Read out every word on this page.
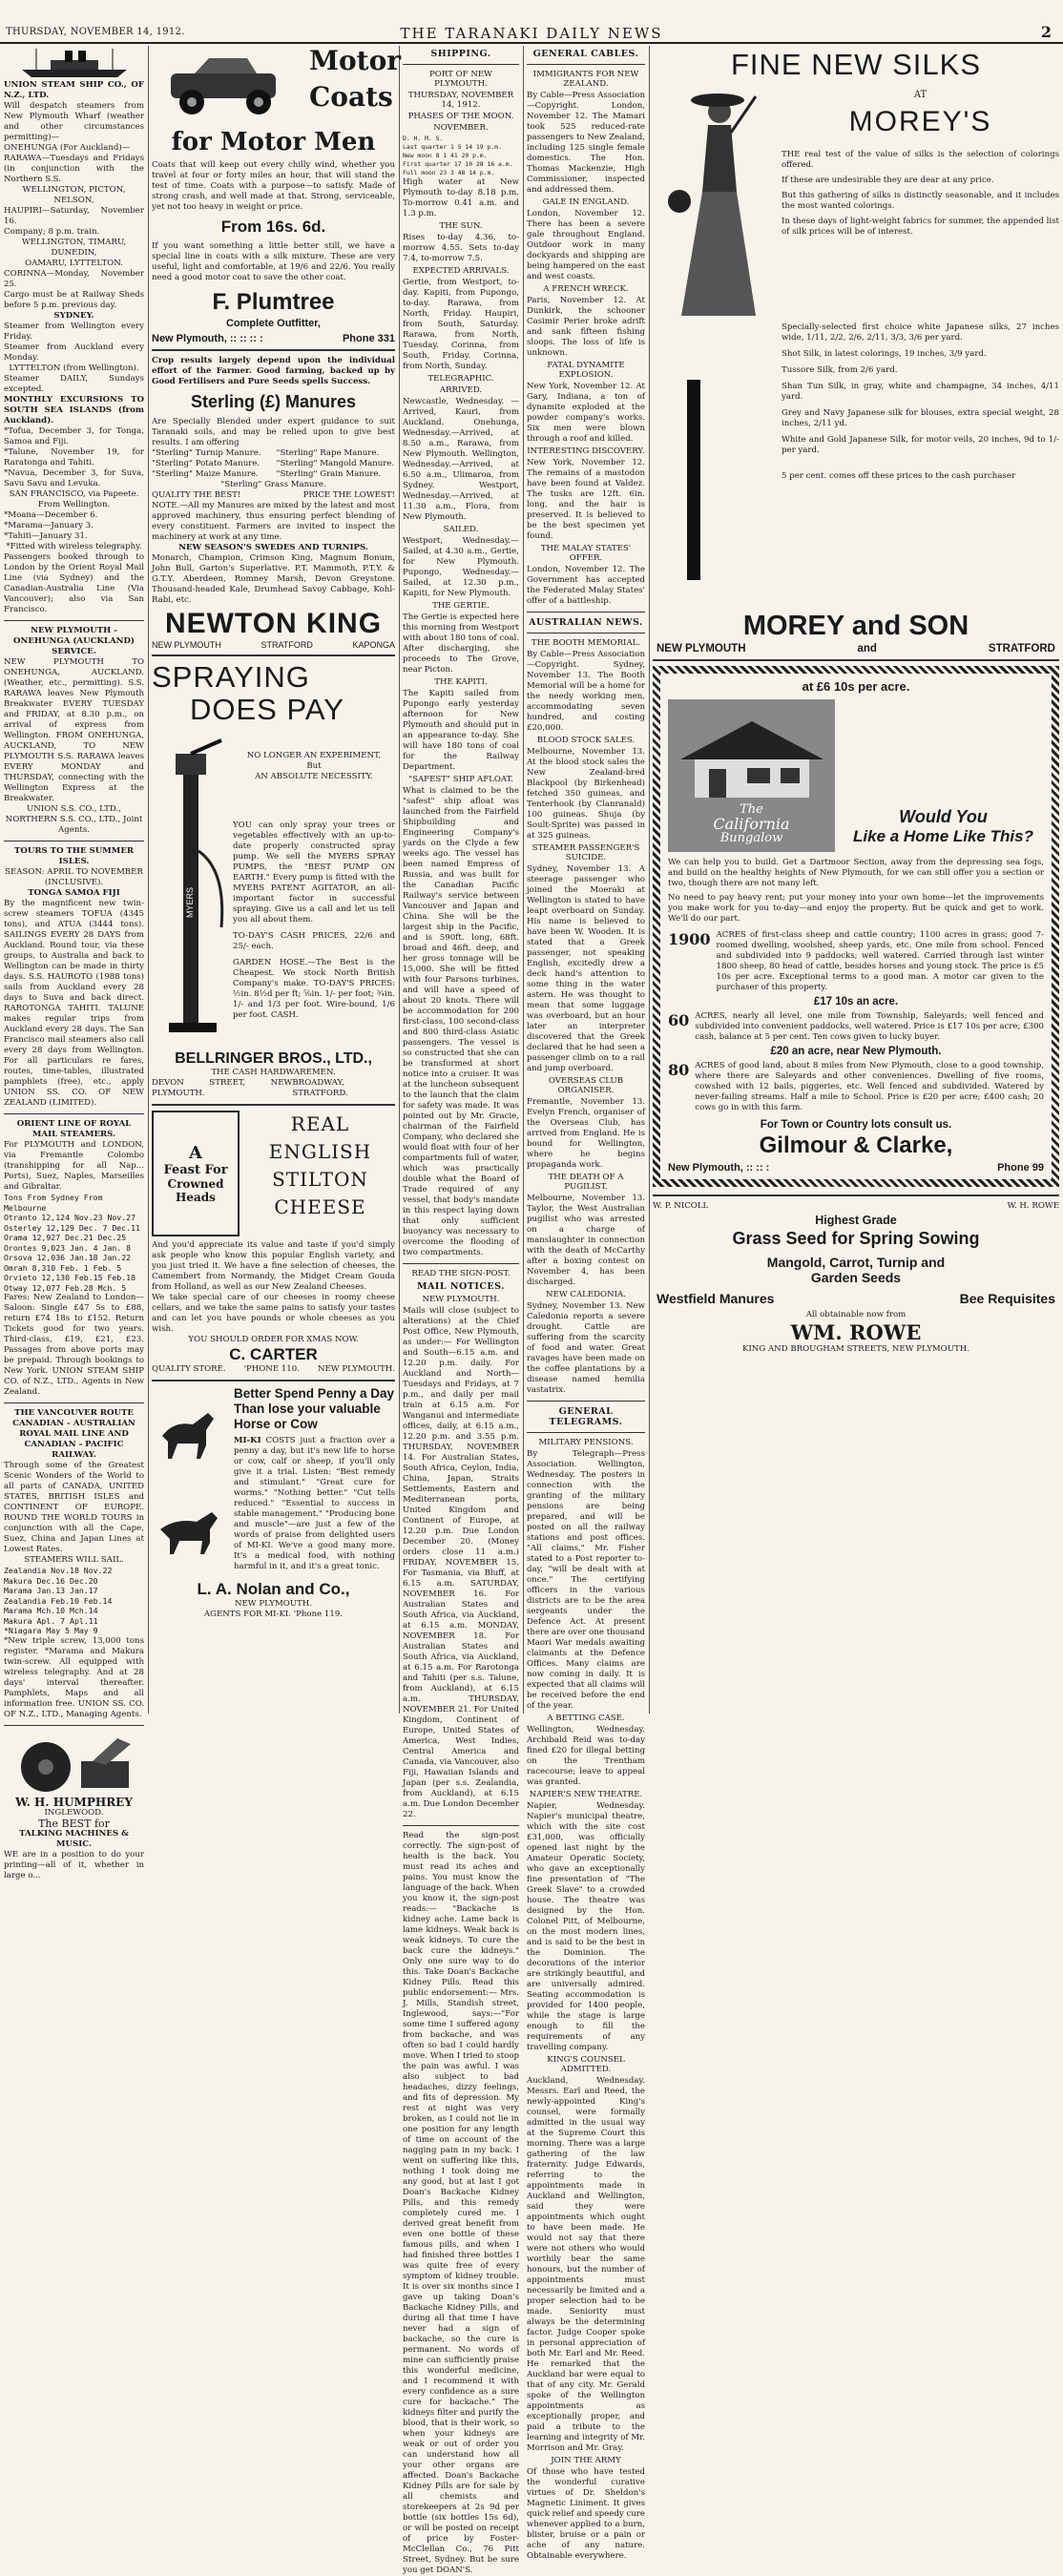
THURSDAY, NOVEMBER 14, 1912.	THE TARANAKI DAILY NEWS	2

UNION STEAM SHIP CO., OF N.Z., LTD.

Will despatch steamers from New Plymouth Wharf (weather and other circumstances permitting)—

ONEHUNGA (For Auckland)—

RARAWA—Tuesdays and Fridays (in conjunction with the Northern S.S.

WELLINGTON, PICTON, NELSON,

HAUPIRI—Saturday, November 16.

Company; 8 p.m. train.

WELLINGTON, TIMARU, DUNEDIN,

OAMARU, LYTTELTON.

CORINNA—Monday, November 25.

Cargo must be at Railway Sheds before 5 p.m. previous day.

SYDNEY.

Steamer from Wellington every Friday.

Steamer from Auckland every Monday.

LYTTELTON (from Wellington).

Steamer DAILY, Sundays excepted.

MONTHLY EXCURSIONS TO SOUTH SEA ISLANDS (from Auckland).

*Tofua, December 3, for Tonga, Samoa and Fiji.

*Talune, November 19, for Raratonga and Tahiti.

*Navua, December 3, for Suva, Savu Savu and Levuka.

SAN FRANCISCO, via Papeete.

From Wellington.

*Moana—December 6.

*Marama—January 3.

*Tahiti—January 31.

*Fitted with wireless telegraphy.

Passengers booked through to London by the Orient Royal Mail Line (via Sydney) and the Canadian-Australia Line (Via Vancouver); also via San Francisco.

NEW PLYMOUTH - ONEHUNGA (AUCKLAND) SERVICE.

NEW PLYMOUTH TO ONEHUNGA, AUCKLAND. (Weather, etc., permitting). S.S. RARAWA leaves New Plymouth Breakwater EVERY TUESDAY and FRIDAY, at 8.30 p.m., on arrival of express from Wellington. FROM ONEHUNGA, AUCKLAND, TO NEW PLYMOUTH S.S. RARAWA leaves EVERY MONDAY and THURSDAY, connecting with the Wellington Express at the Breakwater.

UNION S.S. CO., LTD., NORTHERN S.S. CO., LTD., Joint Agents.

TOURS TO THE SUMMER ISLES.

SEASON: APRIL TO NOVEMBER (INCLUSIVE).

TONGA SAMOA FIJI

By the magnificent new twin-screw steamers TOFUA (4345 tons), and ATUA (3444 tons). SAILINGS EVERY 28 DAYS from Auckland. Round tour, via these groups, to Australia and back to Wellington can be made in thirty days. S.S. HAUROTO (1988 tons) sails from Auckland every 28 days to Suva and back direct. RAROTONGA TAHITI. TALUNE makes regular trips from Auckland every 28 days. The San Francisco mail steamers also call every 28 days from Wellington. For all particulars re fares, routes, time-tables, illustrated pamphlets (free), etc., apply UNION SS. CO. OF NEW ZEALAND (LIMITED).

ORIENT LINE OF ROYAL MAIL STEAMERS.

For PLYMOUTH and LONDON, via Fremantle Colombo (transhipping for all Nap... Ports), Suez, Naples, Marseilles and Gibraltar.

Tons From Sydney From Melbourne
Otranto 12,124 Nov.23 Nov.27
Osterley 12,129 Dec. 7 Dec.11
Orama 12,927 Dec.21 Dec.25
Orontes 9,023 Jan. 4 Jan. 8
Orsova 12,036 Jan.18 Jan.22
Omrah 8,310 Feb. 1 Feb. 5
Orvieto 12,130 Feb.15 Feb.18
Otway 12,077 Feb.28 Mch. 5

Fares: New Zealand to London—Saloon: Single £47 5s to £88, return £74 18s to £152. Return Tickets good for two years. Third-class, £19, £21, £23. Passages from above ports may be prepaid. Through bookings to New York. UNION STEAM SHIP CO. of N.Z., LTD., Agents in New Zealand.

THE VANCOUVER ROUTE CANADIAN - AUSTRALIAN ROYAL MAIL LINE AND CANADIAN - PACIFIC RAILWAY.

Through some of the Greatest Scenic Wonders of the World to all parts of CANADA, UNITED STATES, BRITISH ISLES and CONTINENT OF EUROPE. ROUND THE WORLD TOURS in conjunction with all the Cape, Suez, China and Japan Lines at Lowest Rates.

STEAMERS WILL SAIL.

Zealandia Nov.18 Nov.22
Makura Dec.16 Dec.20
Marama Jan.13 Jan.17
Zealandia Feb.10 Feb.14
Marama Mch.10 Mch.14
Makura Apl. 7 Apl.11
*Niagara May 5 May 9

*New triple screw, 13,000 tons register. *Marama and Makura twin-screw. All equipped with wireless telegraphy. And at 28 days' interval thereafter. Pamphlets, Maps and all information free. UNION SS. CO. OF N.Z., LTD., Managing Agents.

W. H. HUMPHREY

INGLEWOOD.

The BEST for

TALKING MACHINES & MUSIC.

WE are in a position to do your printing—all of it, whether in large o...

Motor
Coats
for Motor Men

Coats that will keep out every chilly wind, whether you travel at four or forty miles an hour, that will stand the test of time. Coats with a purpose—to satisfy. Made of strong crash, and well made at that. Strong, serviceable, yet not too heavy in weight or price.

From 16s. 6d.

If you want something a little better still, we have a special line in coats with a silk mixture. These are very useful, light and comfortable, at 19/6 and 22/6. You really need a good motor coat to save the other coat.

F. Plumtree
Complete Outfitter,
New Plymouth, :: :: :: :	Phone 331

Crop results largely depend upon the individual effort of the Farmer. Good farming, backed up by Good Fertilisers and Pure Seeds spells Success.

Sterling (£) Manures

Are Specially Blended under expert guidance to suit Taranaki soils, and may be relied upon to give best results. I am offering

"Sterling" Turnip Manure.	"Sterling" Rape Manure.

"Sterling" Potato Manure.	"Sterling" Mangold Manure.

"Sterling" Maize Manure.	"Sterling" Grain Manure.

"Sterling" Grass Manure.

QUALITY THE BEST!	PRICE THE LOWEST!

NOTE.—All my Manures are mixed by the latest and most approved machinery, thus ensuring perfect blending of every constituent. Farmers are invited to inspect the machinery at work at any time.

NEW SEASON'S SWEDES AND TURNIPS.

Monarch, Champion, Crimson King, Magnum Bonum, John Bull, Garton's Superlative. P.T. Mammoth, P.T.Y. & G.T.Y. Aberdeen, Romney Marsh, Devon Greystone. Thousand-headed Kale, Drumhead Savoy Cabbage, Kohl-Rabi, etc.

NEWTON KING
NEW PLYMOUTH	STRATFORD	KAPONGA
SPRAYING
DOES PAY
MYERS

NO LONGER AN EXPERIMENT,

But

AN ABSOLUTE NECESSITY.

YOU can only spray your trees or vegetables effectively with an up-to-date properly constructed spray pump. We sell the MYERS SPRAY PUMPS, the "BEST PUMP ON EARTH." Every pump is fitted with the MYERS PATENT AGITATOR, an all-important factor in successful spraying. Give us a call and let us tell you all about them.

TO-DAY'S CASH PRICES, 22/6 and 25/- each.

GARDEN HOSE.—The Best is the Cheapest. We stock North British Company's make. TO-DAY'S PRICES: ½in. 8½d per ft; ⅝in. 1/- per foot; ¾in. 1/- and 1/3 per foot. Wire-bound, 1/6 per foot. CASH.

BELLRINGER BROS., LTD.,

THE CASH HARDWAREMEN.

DEVON STREET, NEW PLYMOUTH.
BROADWAY, STRATFORD.
A
Feast For
Crowned Heads
REAL
ENGLISH
STILTON
CHEESE

And you'd appreciate its value and taste if you'd simply ask people who know this popular English variety, and you just tried it. We have a fine selection of cheeses, the Camembert from Normandy, the Midget Cream Gouda from Holland, as well as our New Zealand Cheeses.

We take special care of our cheeses in roomy cheese cellars, and we take the same pains to satisfy your tastes and can let you have pounds or whole cheeses as you wish.

YOU SHOULD ORDER FOR XMAS NOW.

C. CARTER
QUALITY STORE. 'PHONE 110. NEW PLYMOUTH.
Better Spend Penny a Day Than lose your valuable Horse or Cow

MI-KI COSTS just a fraction over a penny a day, but it's new life to horse or cow, calf or sheep, if you'll only give it a trial. Listen: "Best remedy and stimulant." "Great cure for worms." "Nothing better." "Cut tells reduced." "Essential to success in stable management." "Producing bone and muscle"—are just a few of the words of praise from delighted users of MI-KI. We've a good many more. It's a medical food, with nothing harmful in it, and it's a great tonic.

L. A. Nolan and Co.,

NEW PLYMOUTH.

AGENTS FOR MI-KI. 'Phone 119.

SHIPPING.
PORT OF NEW PLYMOUTH.
THURSDAY, NOVEMBER 14, 1912.
PHASES OF THE MOON.
NOVEMBER.
D. H. M. S.
Last quarter 1 5 14 19 p.m.
New moon 8 1 41 20 p.m.
First quarter 17 10 28 16 a.m.
Full moon 23 3 48 14 p.m.

High water at New Plymouth to-day 8.18 p.m. To-morrow 0.41 a.m. and 1.3 p.m.

THE SUN.

Rises to-day 4.36, to-morrow 4.55. Sets to-day 7.4, to-morrow 7.5.

EXPECTED ARRIVALS.

Gertie, from Westport, to-day. Kapiti, from Pupongo, to-day. Rarawa, from North, Friday. Haupiri, from South, Saturday. Rarawa, from North, Tuesday. Corinna, from South, Friday. Corinna, from North, Sunday.

TELEGRAPHIC.
ARRIVED.

Newcastle, Wednesday. — Arrived, Kauri, from Auckland. Onehunga, Wednesday.—Arrived, at 8.50 a.m., Rarawa, from New Plymouth. Wellington, Wednesday.—Arrived, at 6.50 a.m., Ulimaroa, from Sydney. Westport, Wednesday.—Arrived, at 11.30 a.m., Flora, from New Plymouth.

SAILED.

Westport, Wednesday.—Sailed, at 4.30 a.m., Gertie, for New Plymouth. Pupongo, Wednesday.—Sailed, at 12.30 p.m., Kapiti, for New Plymouth.

THE GERTIE.

The Gertie is expected here this morning from Westport with about 180 tons of coal. After discharging, she proceeds to The Grove, near Picton.

THE KAPITI.

The Kapiti sailed from Pupongo early yesterday afternoon for New Plymouth and should put in an appearance to-day. She will have 180 tons of coal for the Railway Department.

"SAFEST" SHIP AFLOAT.

What is claimed to be the "safest" ship afloat was launched from the Fairfield Shipbuilding and Engineering Company's yards on the Clyde a few weeks ago. The vessel has been named Empress of Russia, and was built for the Canadian Pacific Railway's service between Vancouver and Japan and China. She will be the largest ship in the Pacific, and is 590ft. long, 68ft. broad and 46ft. deep, and her gross tonnage will be 15,000. She will be fitted with four Parsons turbines, and will have a speed of about 20 knots. There will be accommodation for 200 first-class, 100 second-class and 800 third-class Asiatic passengers. The vessel is so constructed that she can be transformed at short notice into a cruiser. It was at the luncheon subsequent to the launch that the claim for safety was made. It was pointed out by Mr. Gracie, chairman of the Fairfield Company, who declared she would float with four of her compartments full of water, which was practically double what the Board of Trade required of any vessel, that body's mandate in this respect laying down that only sufficient buoyancy was necessary to overcome the flooding of two compartments.

READ THE SIGN-POST.
MAIL NOTICES.
NEW PLYMOUTH.

Mails will close (subject to alterations) at the Chief Post Office, New Plymouth, as under:— For Wellington and South—6.15 a.m. and 12.20 p.m. daily. For Auckland and North—Tuesdays and Fridays, at 7 p.m., and daily per mail train at 6.15 a.m. For Wanganui and intermediate offices, daily, at 6.15 a.m., 12.20 p.m. and 3.55 p.m. THURSDAY, NOVEMBER 14. For Australian States, South Africa, Ceylon, India, China, Japan, Straits Settlements, Eastern and Mediterranean ports, United Kingdom and Continent of Europe, at 12.20 p.m. Due London December 20. (Money orders close 11 a.m.) FRIDAY, NOVEMBER 15. For Tasmania, via Bluff, at 6.15 a.m. SATURDAY, NOVEMBER 16. For Australian States and South Africa, via Auckland, at 6.15 a.m. MONDAY, NOVEMBER 18. For Australian States and South Africa, via Auckland, at 6.15 a.m. For Rarotonga and Tahiti (per s.s. Talune, from Auckland), at 6.15 a.m. THURSDAY, NOVEMBER 21. For United Kingdom, Continent of Europe, United States of America, West Indies, Central America and Canada, via Vancouver, also Fiji, Hawaiian Islands and Japan (per s.s. Zealandia, from Auckland), at 6.15 a.m. Due London December 22.

Read the sign-post correctly. The sign-post of health is the back. You must read its aches and pains. You must know the language of the back. When you know it, the sign-post reads:— "Backache is kidney ache. Lame back is lame kidneys. Weak back is weak kidneys. To cure the back cure the kidneys." Only one sure way to do this. Take Doan's Backache Kidney Pills. Read this public endorsement:— Mrs. J. Mills, Standish street, Inglewood, says:—"For some time I suffered agony from backache, and was often so bad I could hardly move. When I tried to stoop the pain was awful. I was also subject to bad headaches, dizzy feelings, and fits of depression. My rest at night was very broken, as I could not lie in one position for any length of time on account of the nagging pain in my back. I went on suffering like this, nothing I took doing me any good, but at last I got Doan's Backache Kidney Pills, and this remedy completely cured me. I derived great benefit from even one bottle of these famous pills, and when I had finished three bottles I was quite free of every symptom of kidney trouble. It is over six months since I gave up taking Doan's Backache Kidney Pills, and during all that time I have never had a sign of backache, so the cure is permanent. No words of mine can sufficiently praise this wonderful medicine, and I recommend it with every confidence as a sure cure for backache." The kidneys filter and purify the blood, that is their work, so when your kidneys are weak or out of order you can understand how all your other organs are affected. Doan's Backache Kidney Pills are for sale by all chemists and storekeepers at 2s 9d per bottle (six bottles 15s 6d), or will be posted on receipt of price by Foster-McClellan Co., 76 Pitt Street, Sydney. But be sure you get DOAN'S.

GENERAL CABLES.
IMMIGRANTS FOR NEW ZEALAND.

By Cable—Press Association—Copyright. London, November 12. The Mamari took 525 reduced-rate passengers to New Zealand, including 125 single female domestics. The Hon. Thomas Mackenzie, High Commissioner, inspected and addressed them.

GALE IN ENGLAND.

London, November 12. There has been a severe gale throughout England. Outdoor work in many dockyards and shipping are being hampered on the east and west coasts.

A FRENCH WRECK.

Paris, November 12. At Dunkirk, the schooner Casimir Perier broke adrift and sank fifteen fishing sloops. The loss of life is unknown.

FATAL DYNAMITE EXPLOSION.

New York, November 12. At Gary, Indiana, a ton of dynamite exploded at the powder company's works. Six men were blown through a roof and killed.

INTERESTING DISCOVERY.

New York, November 12. The remains of a mastodon have been found at Valdez. The tusks are 12ft. 6in. long, and the hair is preserved. It is believed to be the best specimen yet found.

THE MALAY STATES' OFFER.

London, November 12. The Government has accepted the Federated Malay States' offer of a battleship.

AUSTRALIAN NEWS.
THE BOOTH MEMORIAL.

By Cable—Press Association—Copyright. Sydney, November 13. The Booth Memorial will be a home for the needy working men, accommodating seven hundred, and costing £20,000.

BLOOD STOCK SALES.

Melbourne, November 13. At the blood stock sales the New Zealand-bred Blackpool (by Birkenhead) fetched 350 guineas, and Tenterhook (by Clanranald) 100 guineas. Shuja (by Soult-Sprite) was passed in at 325 guineas.

STEAMER PASSENGER'S SUICIDE.

Sydney, November 13. A steerage passenger who joined the Moeraki at Wellington is stated to have leapt overboard on Sunday. His name is believed to have been W. Wooden. It is stated that a Greek passenger, not speaking English, excitedly drew a deck hand's attention to some thing in the water astern. He was thought to mean that some luggage was overboard, but an hour later an interpreter discovered that the Greek declared that he had seen a passenger climb on to a rail and jump overboard.

OVERSEAS CLUB ORGANISER.

Fremantle, November 13. Evelyn French, organiser of the Overseas Club, has arrived from England. He is bound for Wellington, where he begins propaganda work.

THE DEATH OF A PUGILIST.

Melbourne, November 13. Taylor, the West Australian pugilist who was arrested on a charge of manslaughter in connection with the death of McCarthy after a boxing contest on November 4, has been discharged.

NEW CALEDONIA.

Sydney, November 13. New Caledonia reports a severe drought. Cattle are suffering from the scarcity of food and water. Great ravages have been made on the coffee plantations by a disease named hemilia vastatrix.

GENERAL TELEGRAMS.
MILITARY PENSIONS.

By Telegraph—Press Association. Wellington, Wednesday. The posters in connection with the granting of the military pensions are being prepared, and will be posted on all the railway stations and post offices. "All claims," Mr. Fisher stated to a Post reporter to-day, "will be dealt with at once." The certifying officers in the various districts are to be the area sergeants under the Defence Act. At present there are over one thousand Maori War medals awaiting claimants at the Defence Offices. Many claims are now coming in daily. It is expected that all claims will be received before the end of the year.

A BETTING CASE.

Wellington, Wednesday. Archibald Reid was to-day fined £20 for illegal betting on the Trentham racecourse; leave to appeal was granted.

NAPIER'S NEW THEATRE.

Napier, Wednesday. Napier's municipal theatre, which with the site cost £31,000, was officially opened last night by the Amateur Operatic Society, who gave an exceptionally fine presentation of "The Greek Slave" to a crowded house. The theatre was designed by the Hon. Colonel Pitt, of Melbourne, on the most modern lines, and is said to be the best in the Dominion. The decorations of the interior are strikingly beautiful, and are universally admired. Seating accommodation is provided for 1400 people, while the stage is large enough to fill the requirements of any travelling company.

KING'S COUNSEL ADMITTED.

Auckland, Wednesday. Messrs. Earl and Reed, the newly-appointed King's counsel, were formally admitted in the usual way at the Supreme Court this morning. There was a large gathering of the law fraternity. Judge Edwards, referring to the appointments made in Auckland and Wellington, said they were appointments which ought to have been made. He would not say that there were not others who would worthily bear the same honours, but the number of appointments must necessarily be limited and a proper selection had to be made. Seniority must always be the determining factor. Judge Cooper spoke in personal appreciation of both Mr. Earl and Mr. Reed. He remarked that the Auckland bar were equal to that of any city. Mr. Gerald spoke of the Wellington appointments as exceptionally proper, and paid a tribute to the learning and integrity of Mr. Morrison and Mr. Gray.

JOIN THE ARMY

Of those who have tested the wonderful curative virtues of Dr. Sheldon's Magnetic Liniment. It gives quick relief and speedy cure whenever applied to a burn, blister, bruise or a pain or ache of any nature. Obtainable everywhere.

FINE NEW SILKS
AT
MOREY'S

THE real test of the value of silks is the selection of colorings offered.

If these are undesirable they are dear at any price.

But this gathering of silks is distinctly seasonable, and it includes the most wanted colorings.

In these days of light-weight fabrics for summer, the appended list of silk prices will be of interest.

Specially-selected first choice white Japanese silks, 27 inches wide, 1/11, 2/2, 2/6, 2/11, 3/3, 3/6 per yard.

Shot Silk, in latest colorings, 19 inches, 3/9 yard.

Tussore Silk, from 2/6 yard.

Shan Tun Silk, in gray, white and champagne, 34 inches, 4/11 yard.

Grey and Navy Japanese silk for blouses, extra special weight, 28 inches, 2/11 yd.

White and Gold Japanese Silk, for motor veils, 20 inches, 9d to 1/- per yard.

5 per cent. comes off these prices to the cash purchaser

MOREY and SON
NEW PLYMOUTH	and	STRATFORD
at £6 10s per acre.
The
California
Bungalow
Would You
Like a Home Like This?

We can help you to build. Get a Dartmoor Section, away from the depressing sea fogs, and build on the healthy heights of New Plymouth, for we can still offer you a section or two, though there are not many left.

No need to pay heavy rent; put your money into your own home—let the improvements you make work for you to-day—and enjoy the property. But be quick and get to work. We'll do our part.

1900 ACRES of first-class sheep and cattle country; 1100 acres in grass; good 7-roomed dwelling, woolshed, sheep yards, etc. One mile from school. Fenced and subdivided into 9 paddocks; well watered. Carried through last winter 1800 sheep, 80 head of cattle, besides horses and young stock. The price is £5 10s per acre. Exceptional terms to a good man. A motor car given to the purchaser of this property.

£17 10s an acre.
60 ACRES, nearly all level, one mile from Township, Saleyards; well fenced and subdivided into convenient paddocks, well watered. Price is £17 10s per acre; £300 cash, balance at 5 per cent. Ten cows given to lucky buyer.

£20 an acre, near New Plymouth.
80 ACRES of good land, about 8 miles from New Plymouth, close to a good township, where there are Saleyards and other conveniences. Dwelling of five rooms, cowshed with 12 bails, piggeries, etc. Well fenced and subdivided. Watered by never-failing streams. Half a mile to School. Price is £20 per acre; £400 cash; 20 cows go in with this farm.

For Town or Country lots consult us.
Gilmour & Clarke,
New Plymouth, :: :: :	Phone 99
W. P. NICOLL	W. H. ROWE
Highest Grade
Grass Seed for Spring Sowing
Mangold, Carrot, Turnip and
Garden Seeds
Westfield Manures	Bee Requisites

All obtainable now from

WM. ROWE

KING AND BROUGHAM STREETS, NEW PLYMOUTH.
